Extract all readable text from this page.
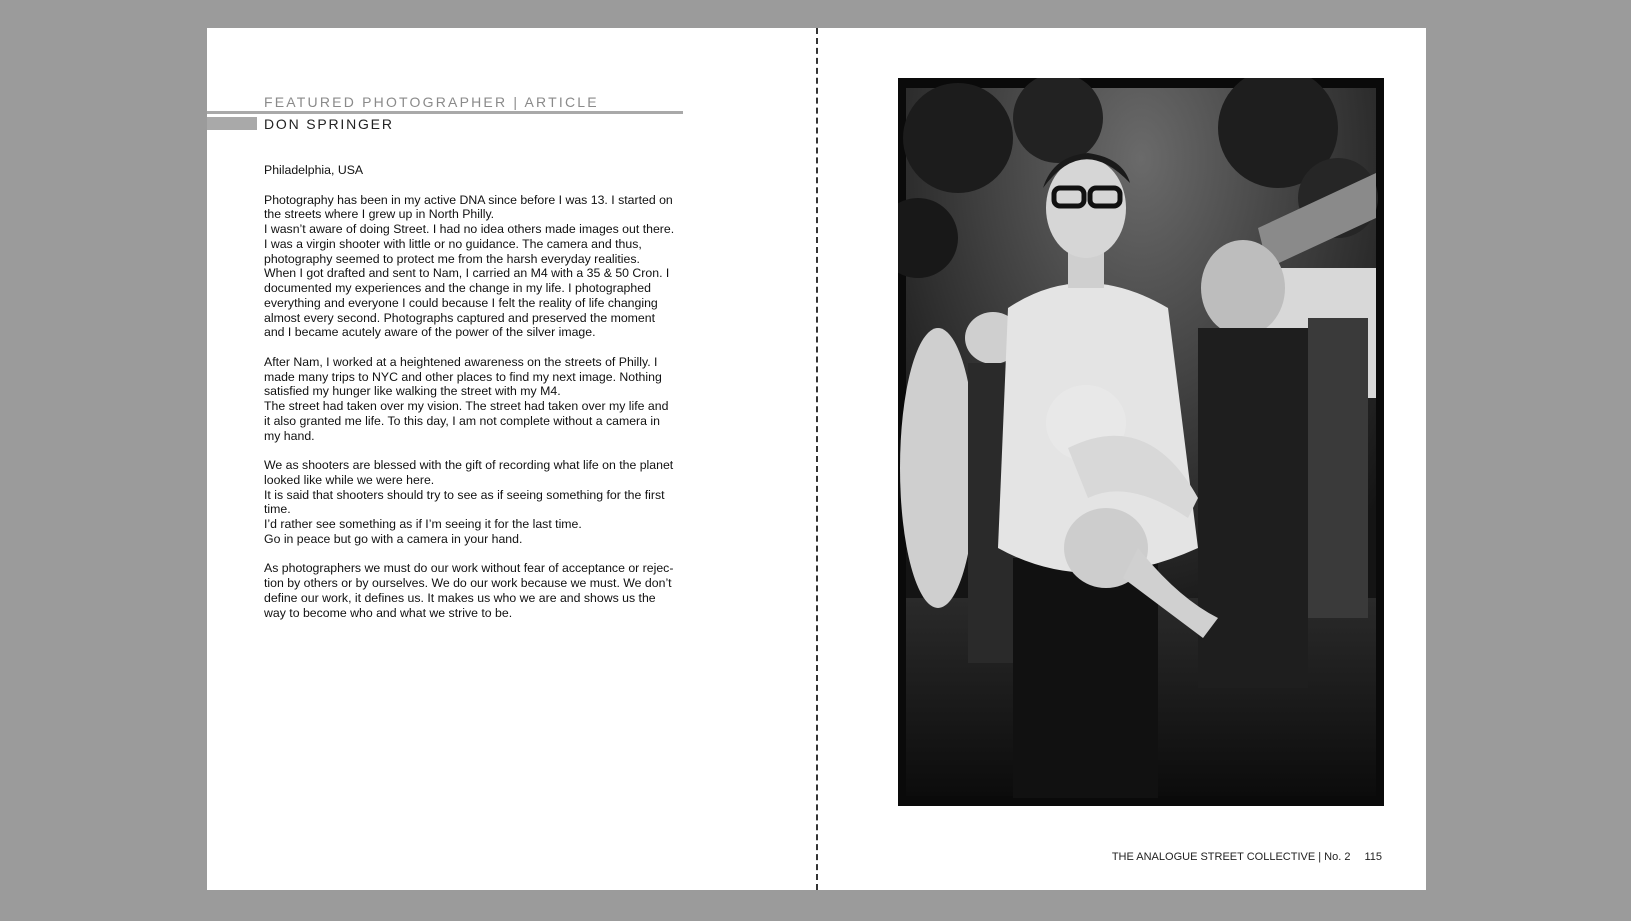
FEATURED PHOTOGRAPHER | ARTICLE
DON SPRINGER

Philadelphia, USA

Photography has been in my active DNA since before I was 13. I started on
the streets where I grew up in North Philly.
I wasn’t aware of doing Street. I had no idea others made images out there.
I was a virgin shooter with little or no guidance. The camera and thus,
photography seemed to protect me from the harsh everyday realities.
When I got drafted and sent to Nam, I carried an M4 with a 35 & 50 Cron. I
documented my experiences and the change in my life. I photographed
everything and everyone I could because I felt the reality of life changing
almost every second. Photographs captured and preserved the moment
and I became acutely aware of the power of the silver image.

After Nam, I worked at a heightened awareness on the streets of Philly. I
made many trips to NYC and other places to find my next image. Nothing
satisfied my hunger like walking the street with my M4.
The street had taken over my vision. The street had taken over my life and
it also granted me life. To this day, I am not complete without a camera in
my hand.

We as shooters are blessed with the gift of recording what life on the planet
looked like while we were here.
It is said that shooters should try to see as if seeing something for the first
time.
I’d rather see something as if I’m seeing it for the last time.
Go in peace but go with a camera in your hand.

As photographers we must do our work without fear of acceptance or rejec-
tion by others or by ourselves. We do our work because we must. We don’t
define our work, it defines us. It makes us who we are and shows us the
way to become who and what we strive to be.

THE ANALOGUE STREET COLLECTIVE | No. 2 115
